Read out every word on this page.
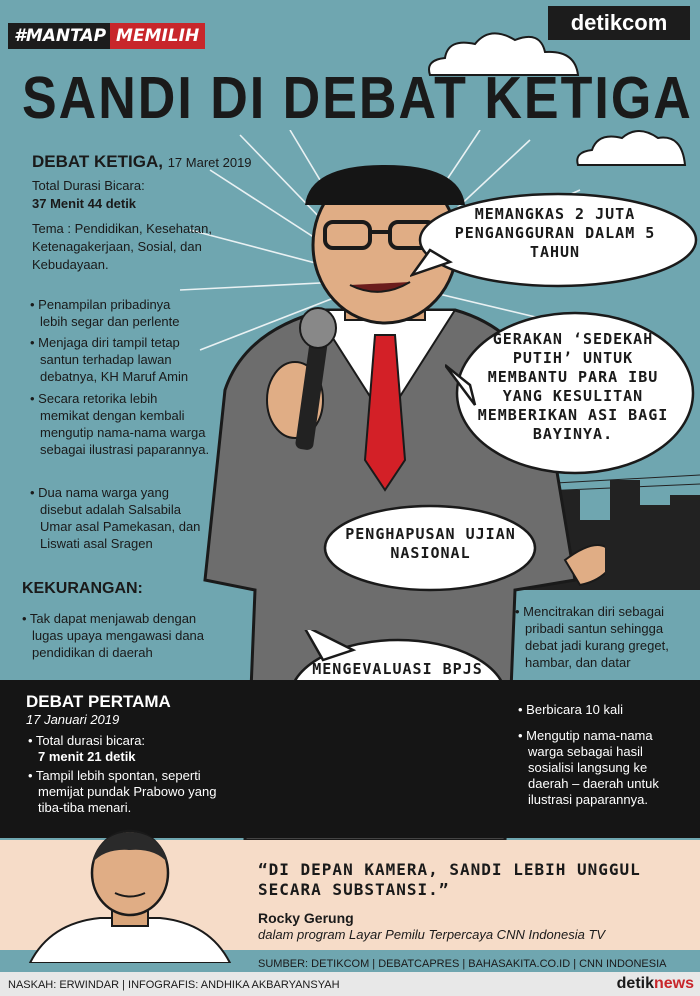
#MANTAP MEMILIH
detikcom
SANDI DI DEBAT KETIGA
MEMANGKAS 2 JUTA PENGANGGURAN DALAM 5 TAHUN
GERAKAN ‘SEDEKAH PUTIH’ UNTUK MEMBANTU PARA IBU YANG KESULITAN MEMBERIKAN ASI BAGI BAYINYA.
PENGHAPUSAN UJIAN NASIONAL
MENGEVALUASI BPJS
DEBAT KETIGA, 17 Maret 2019
Total Durasi Bicara:
37 Menit 44 detik
Tema : Pendidikan, Kesehatan, Ketenagakerjaan, Sosial, dan Kebudayaan.
• Penampilan pribadinya lebih segar dan perlente
• Menjaga diri tampil tetap santun terhadap lawan debatnya, KH Maruf Amin
• Secara retorika lebih memikat dengan kembali mengutip nama-nama warga sebagai ilustrasi paparannya.
• Dua nama warga yang disebut adalah Salsabila Umar asal Pamekasan, dan Liswati asal Sragen
KEKURANGAN:
• Tak dapat menjawab dengan lugas upaya mengawasi dana pendidikan di daerah
• Mencitrakan diri sebagai pribadi santun sehingga debat jadi kurang greget, hambar, dan datar
DEBAT PERTAMA
17 Januari 2019
• Total durasi bicara:
7 menit 21 detik
• Tampil lebih spontan, seperti memijat pundak Prabowo yang tiba-tiba menari.
• Berbicara 10 kali
• Mengutip nama-nama warga sebagai hasil sosialisi langsung ke daerah – daerah untuk ilustrasi paparannya.
“DI DEPAN KAMERA, SANDI LEBIH UNGGUL SECARA SUBSTANSI.”
Rocky Gerung
dalam program Layar Pemilu Terpercaya CNN Indonesia TV
SUMBER: DETIKCOM | DEBATCAPRES | BAHASAKITA.CO.ID | CNN INDONESIA
NASKAH: ERWINDAR | INFOGRAFIS: ANDHIKA AKBARYANSYAH	detiknews
